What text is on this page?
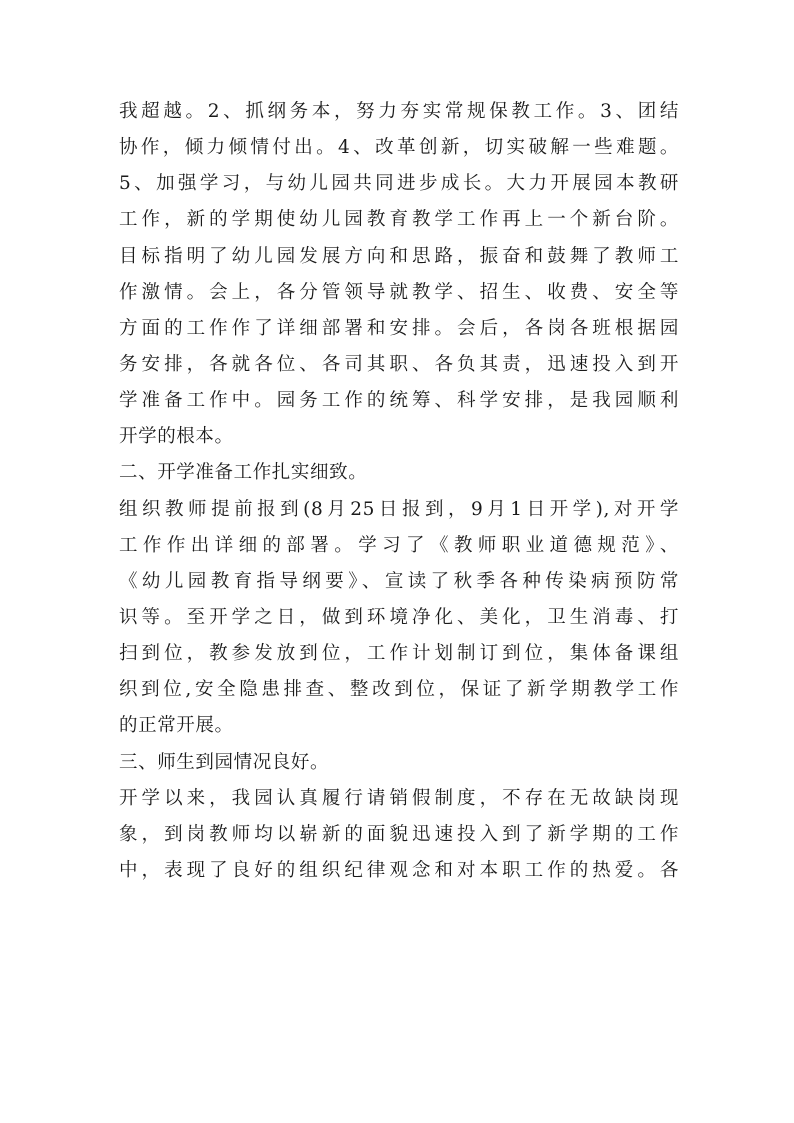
我超越。2、抓纲务本，努力夯实常规保教工作。3、团结
协作，倾力倾情付出。4、改革创新，切实破解一些难题。
5、加强学习，与幼儿园共同进步成长。大力开展园本教研
工作，新的学期使幼儿园教育教学工作再上一个新台阶。
目标指明了幼儿园发展方向和思路，振奋和鼓舞了教师工
作激情。会上，各分管领导就教学、招生、收费、安全等
方面的工作作了详细部署和安排。会后，各岗各班根据园
务安排，各就各位、各司其职、各负其责，迅速投入到开
学准备工作中。园务工作的统筹、科学安排，是我园顺利
开学的根本。
二、开学准备工作扎实细致。
组织教师提前报到(8月25日报到，9月1日开学),对开学
工作作出详细的部署。学习了《教师职业道德规范》、
《幼儿园教育指导纲要》、宣读了秋季各种传染病预防常
识等。至开学之日，做到环境净化、美化，卫生消毒、打
扫到位，教参发放到位，工作计划制订到位，集体备课组
织到位,安全隐患排查、整改到位，保证了新学期教学工作
的正常开展。
三、师生到园情况良好。
开学以来，我园认真履行请销假制度，不存在无故缺岗现
象，到岗教师均以崭新的面貌迅速投入到了新学期的工作
中，表现了良好的组织纪律观念和对本职工作的热爱。各
